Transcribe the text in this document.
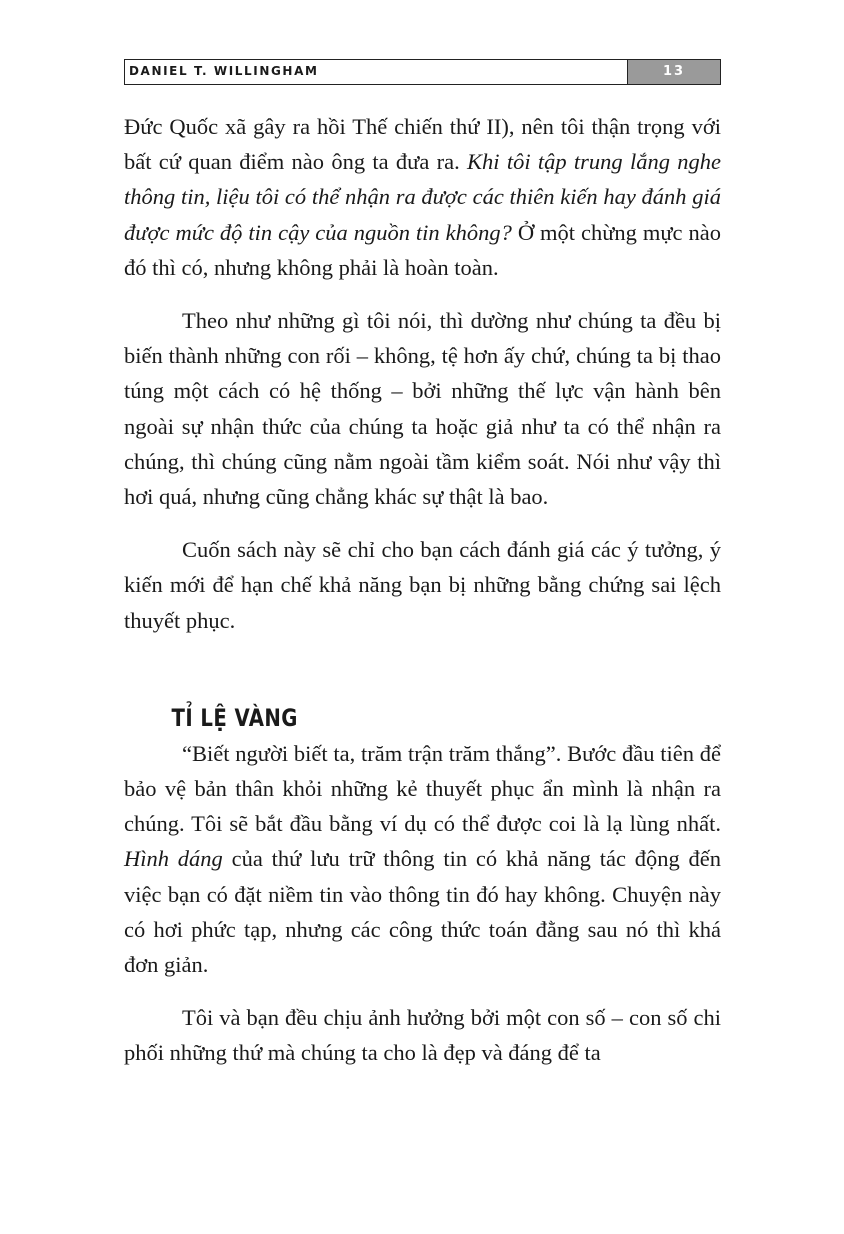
DANIEL T. WILLINGHAM	13

Đức Quốc xã gây ra hồi Thế chiến thứ II), nên tôi thận trọng với bất cứ quan điểm nào ông ta đưa ra. Khi tôi tập trung lắng nghe thông tin, liệu tôi có thể nhận ra được các thiên kiến hay đánh giá được mức độ tin cậy của nguồn tin không? Ở một chừng mực nào đó thì có, nhưng không phải là hoàn toàn.

Theo như những gì tôi nói, thì dường như chúng ta đều bị biến thành những con rối – không, tệ hơn ấy chứ, chúng ta bị thao túng một cách có hệ thống – bởi những thế lực vận hành bên ngoài sự nhận thức của chúng ta hoặc giả như ta có thể nhận ra chúng, thì chúng cũng nằm ngoài tầm kiểm soát. Nói như vậy thì hơi quá, nhưng cũng chẳng khác sự thật là bao.

Cuốn sách này sẽ chỉ cho bạn cách đánh giá các ý tưởng, ý kiến mới để hạn chế khả năng bạn bị những bằng chứng sai lệch thuyết phục.

TỈ LỆ VÀNG

“Biết người biết ta, trăm trận trăm thắng”. Bước đầu tiên để bảo vệ bản thân khỏi những kẻ thuyết phục ẩn mình là nhận ra chúng. Tôi sẽ bắt đầu bằng ví dụ có thể được coi là lạ lùng nhất. Hình dáng của thứ lưu trữ thông tin có khả năng tác động đến việc bạn có đặt niềm tin vào thông tin đó hay không. Chuyện này có hơi phức tạp, nhưng các công thức toán đằng sau nó thì khá đơn giản.

Tôi và bạn đều chịu ảnh hưởng bởi một con số – con số chi phối những thứ mà chúng ta cho là đẹp và đáng để ta
